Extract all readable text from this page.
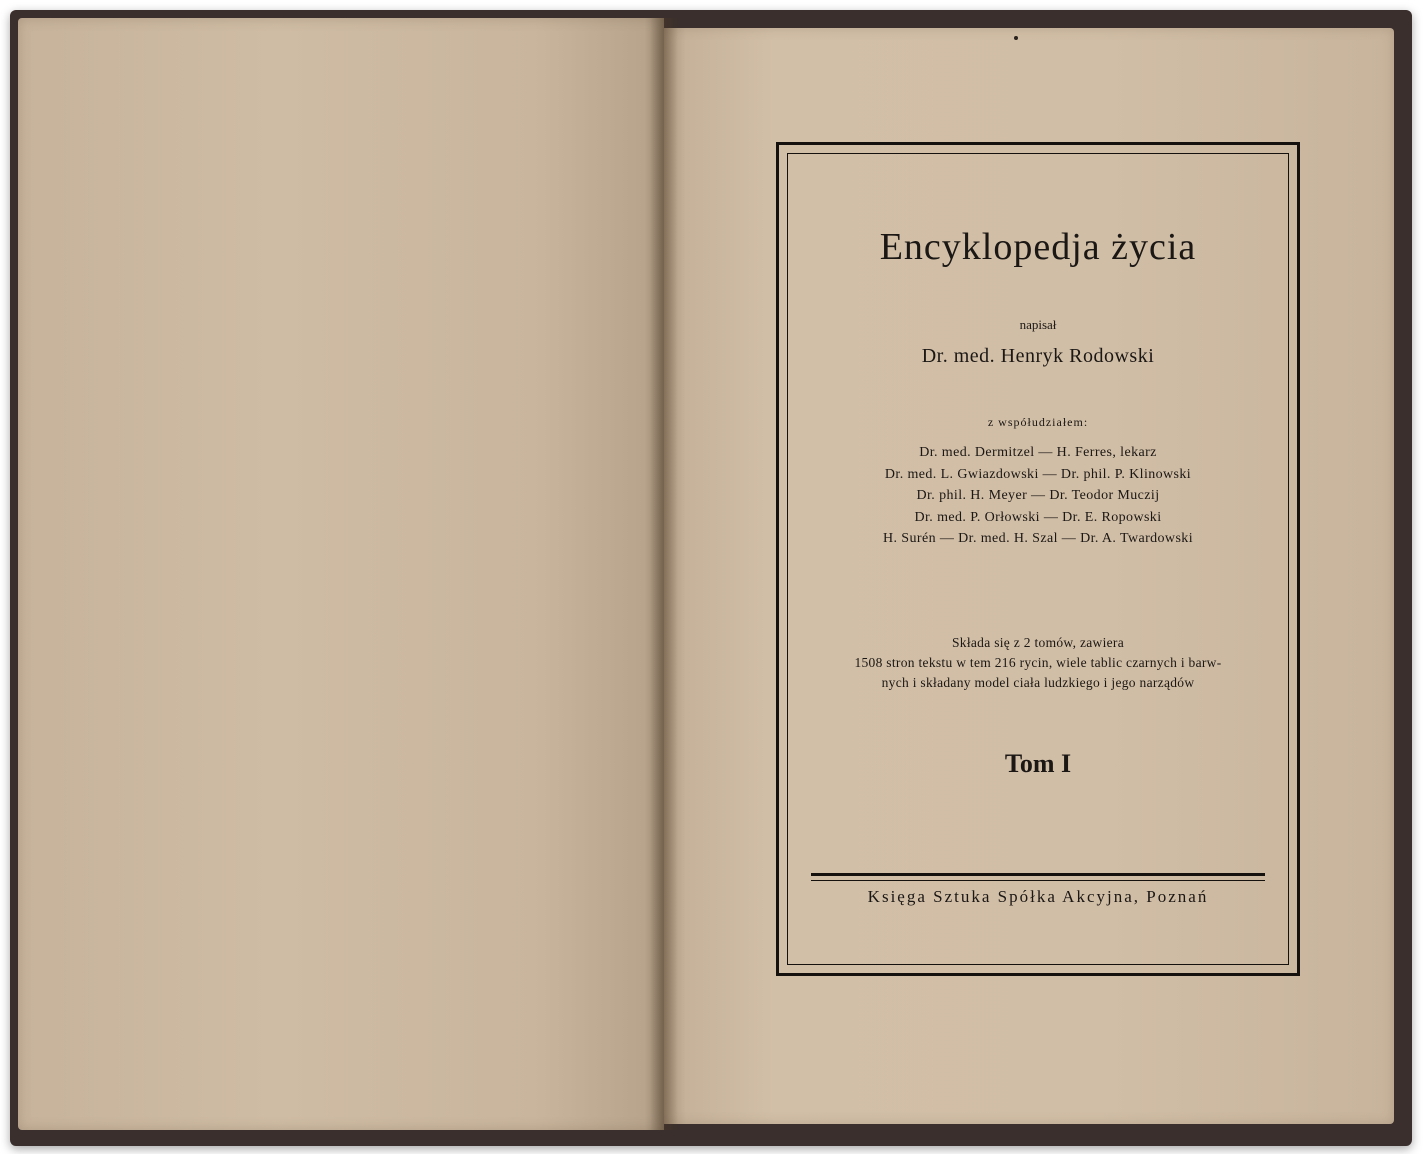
Encyklopedja życia
napisał
Dr. med. Henryk Rodowski
z współudziałem:
Dr. med. Dermitzel — H. Ferres, lekarz
Dr. med. L. Gwiazdowski — Dr. phil. P. Klinowski
Dr. phil. H. Meyer — Dr. Teodor Muczij
Dr. med. P. Orłowski — Dr. E. Ropowski
H. Surén — Dr. med. H. Szal — Dr. A. Twardowski
Składa się z 2 tomów, zawiera
1508 stron tekstu w tem 216 rycin, wiele tablic czarnych i barw-
nych i składany model ciała ludzkiego i jego narządów
Tom I
Księga Sztuka Spółka Akcyjna, Poznań
